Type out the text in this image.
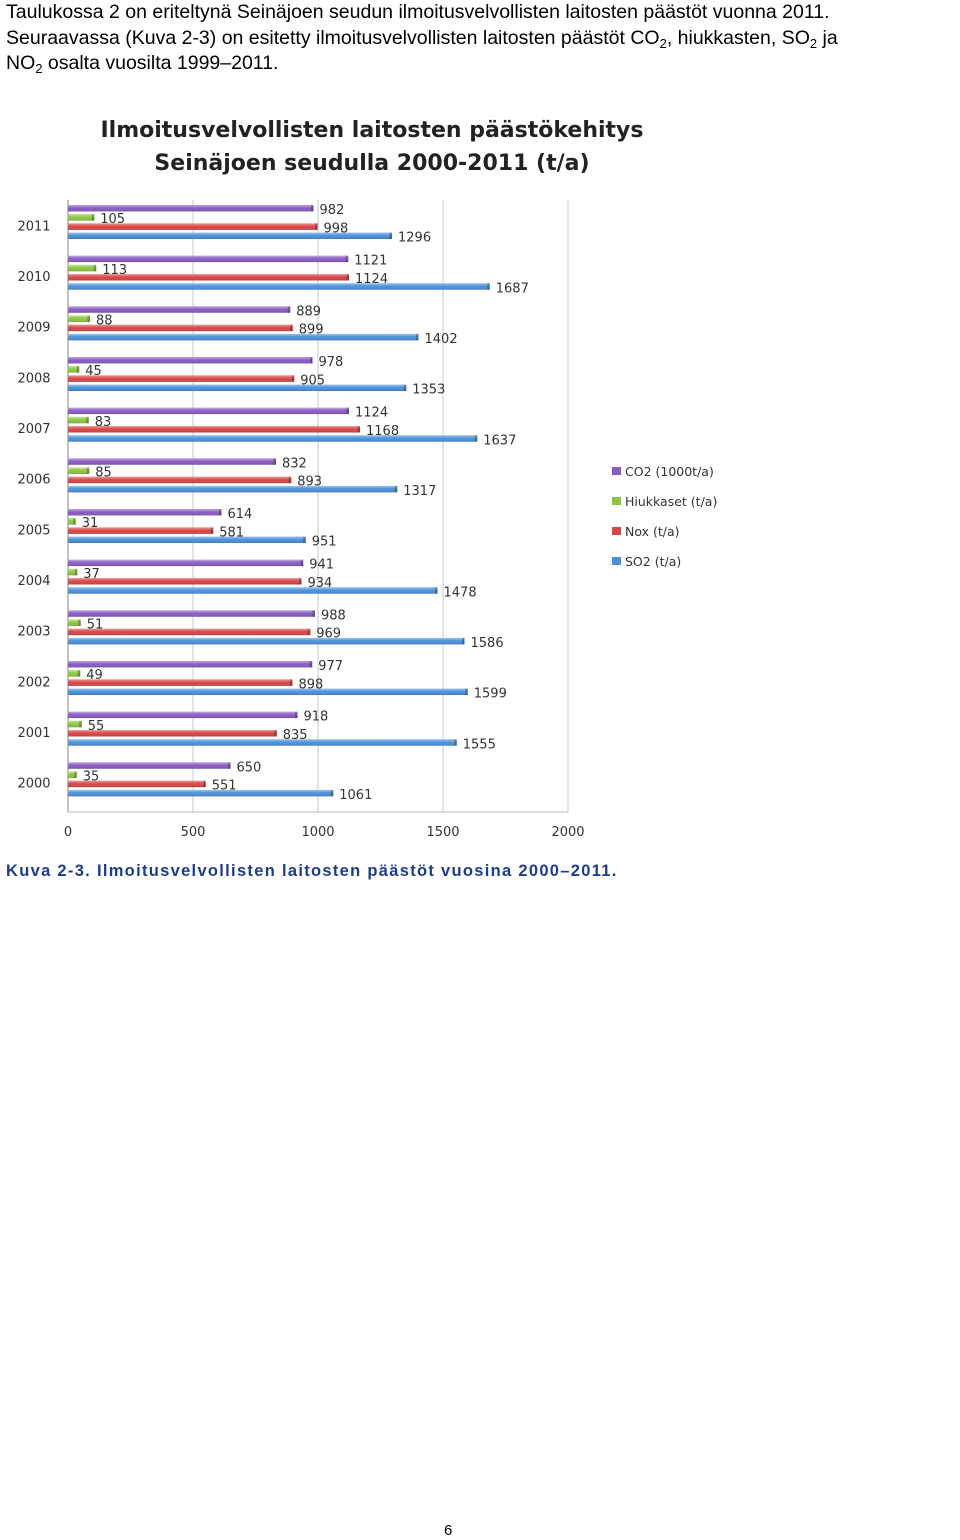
Taulukossa 2 on eriteltynä Seinäjoen seudun ilmoitusvelvollisten laitosten päästöt vuonna 2011.
Seuraavassa (Kuva 2-3) on esitetty ilmoitusvelvollisten laitosten päästöt $CO_2$, hiukkasten, $SO_2$ ja
$NO_2$ osalta vuosilta 1999–2011.
Ilmoitusvelvollisten laitosten päästökehitys
Seinäjoen seudulla 2000-2011 (t/a)
650
35
551
1061
918
55
835
1555
977
49
898
1599
988
51
969
1586
941
37
934
1478
614
31
581
951
832
85
893
1317
1124
83
1168
1637
978
45
905
1353
889
88
899
1402
1121
113
1124
1687
982
105
998
1296
2000
2001
2002
2003
2004
2005
2006
2007
2008
2009
2010
2011
0	500	1000	1500	2000
CO2 (1000t/a)
Hiukkaset (t/a)
Nox (t/a)
SO2 (t/a)
Kuva 2-3. Ilmoitusvelvollisten laitosten päästöt vuosina 2000–2011.
6
